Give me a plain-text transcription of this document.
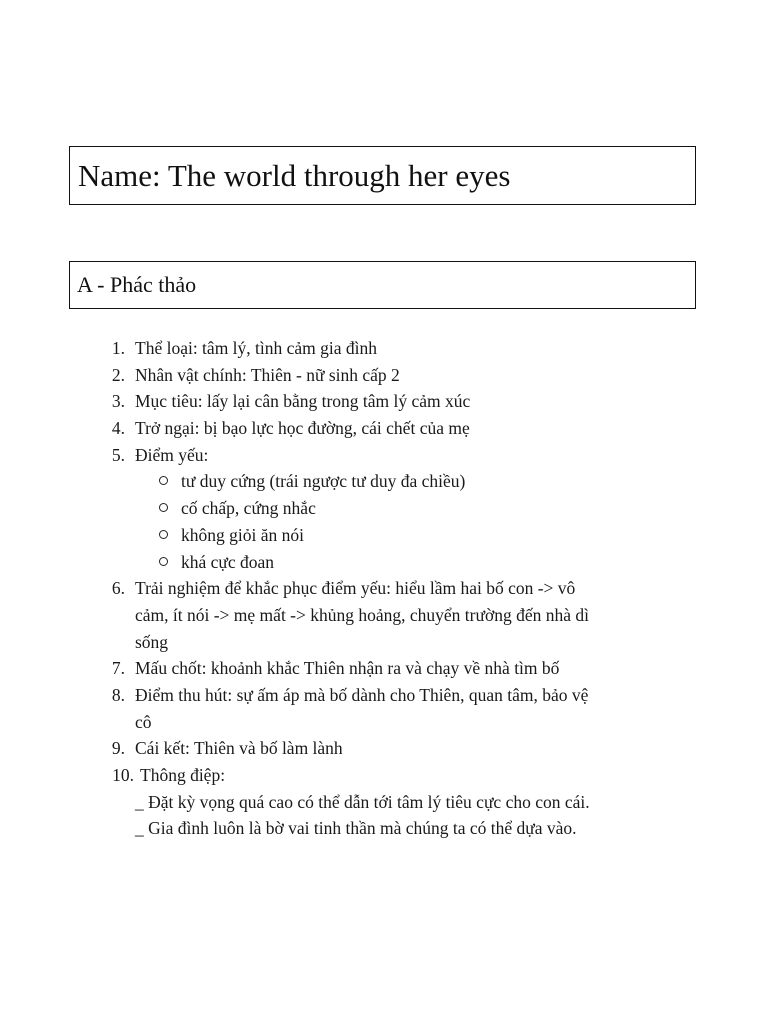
Name: The world through her eyes
A - Phác thảo
1. Thể loại: tâm lý, tình cảm gia đình
2. Nhân vật chính: Thiên - nữ sinh cấp 2
3. Mục tiêu: lấy lại cân bằng trong tâm lý cảm xúc
4. Trở ngại: bị bạo lực học đường, cái chết của mẹ
5. Điểm yếu:
tư duy cứng (trái ngược tư duy đa chiều)
cố chấp, cứng nhắc
không giỏi ăn nói
khá cực đoan
6. Trải nghiệm để khắc phục điểm yếu: hiểu lầm hai bố con -> vô
cảm, ít nói -> mẹ mất -> khủng hoảng, chuyển trường đến nhà dì
sống
7. Mấu chốt: khoảnh khắc Thiên nhận ra và chạy về nhà tìm bố
8. Điểm thu hút: sự ấm áp mà bố dành cho Thiên, quan tâm, bảo vệ
cô
9. Cái kết: Thiên và bố làm lành
10. Thông điệp:
_ Đặt kỳ vọng quá cao có thể dẫn tới tâm lý tiêu cực cho con cái.
_ Gia đình luôn là bờ vai tinh thần mà chúng ta có thể dựa vào.
